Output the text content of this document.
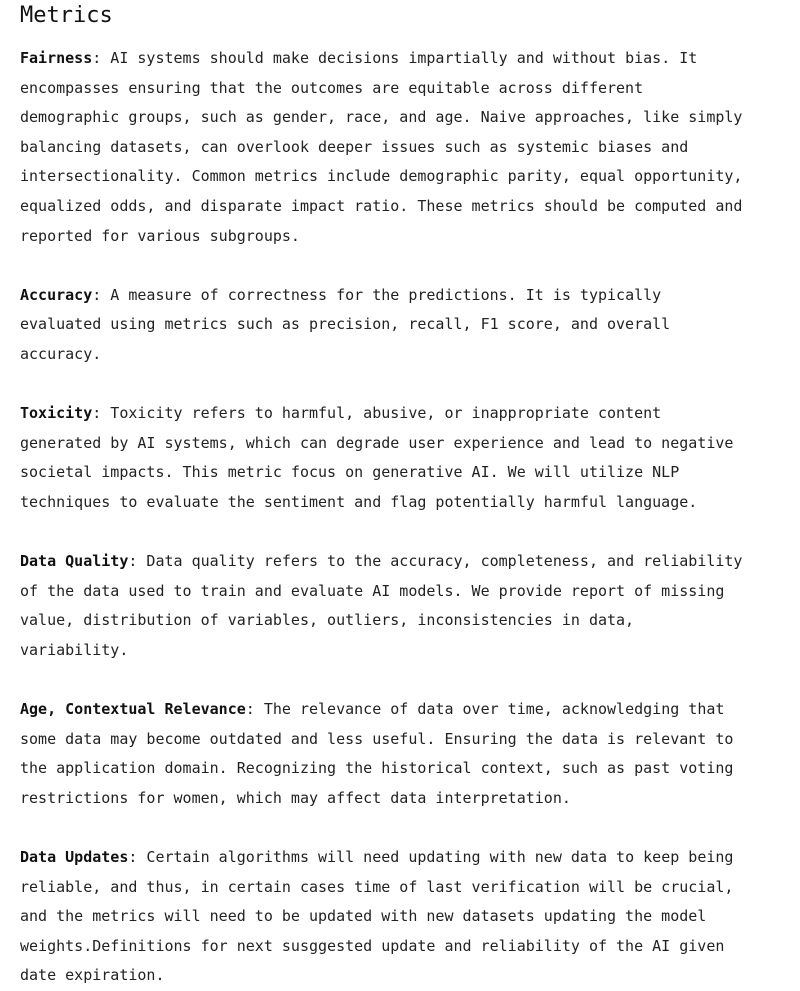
Metrics

Fairness: AI systems should make decisions impartially and without bias. It encompasses ensuring that the outcomes are equitable across different demographic groups, such as gender, race, and age. Naive approaches, like simply balancing datasets, can overlook deeper issues such as systemic biases and intersectionality. Common metrics include demographic parity, equal opportunity, equalized odds, and disparate impact ratio. These metrics should be computed and reported for various subgroups.

Accuracy: A measure of correctness for the predictions. It is typically evaluated using metrics such as precision, recall, F1 score, and overall accuracy.

Toxicity: Toxicity refers to harmful, abusive, or inappropriate content generated by AI systems, which can degrade user experience and lead to negative societal impacts. This metric focus on generative AI. We will utilize NLP techniques to evaluate the sentiment and flag potentially harmful language.

Data Quality: Data quality refers to the accuracy, completeness, and reliability of the data used to train and evaluate AI models. We provide report of missing value, distribution of variables, outliers, inconsistencies in data, variability.

Age, Contextual Relevance: The relevance of data over time, acknowledging that some data may become outdated and less useful. Ensuring the data is relevant to the application domain. Recognizing the historical context, such as past voting restrictions for women, which may affect data interpretation.

Data Updates: Certain algorithms will need updating with new data to keep being reliable, and thus, in certain cases time of last verification will be crucial, and the metrics will need to be updated with new datasets updating the model weights.Definitions for next susggested update and reliability of the AI given date expiration.
